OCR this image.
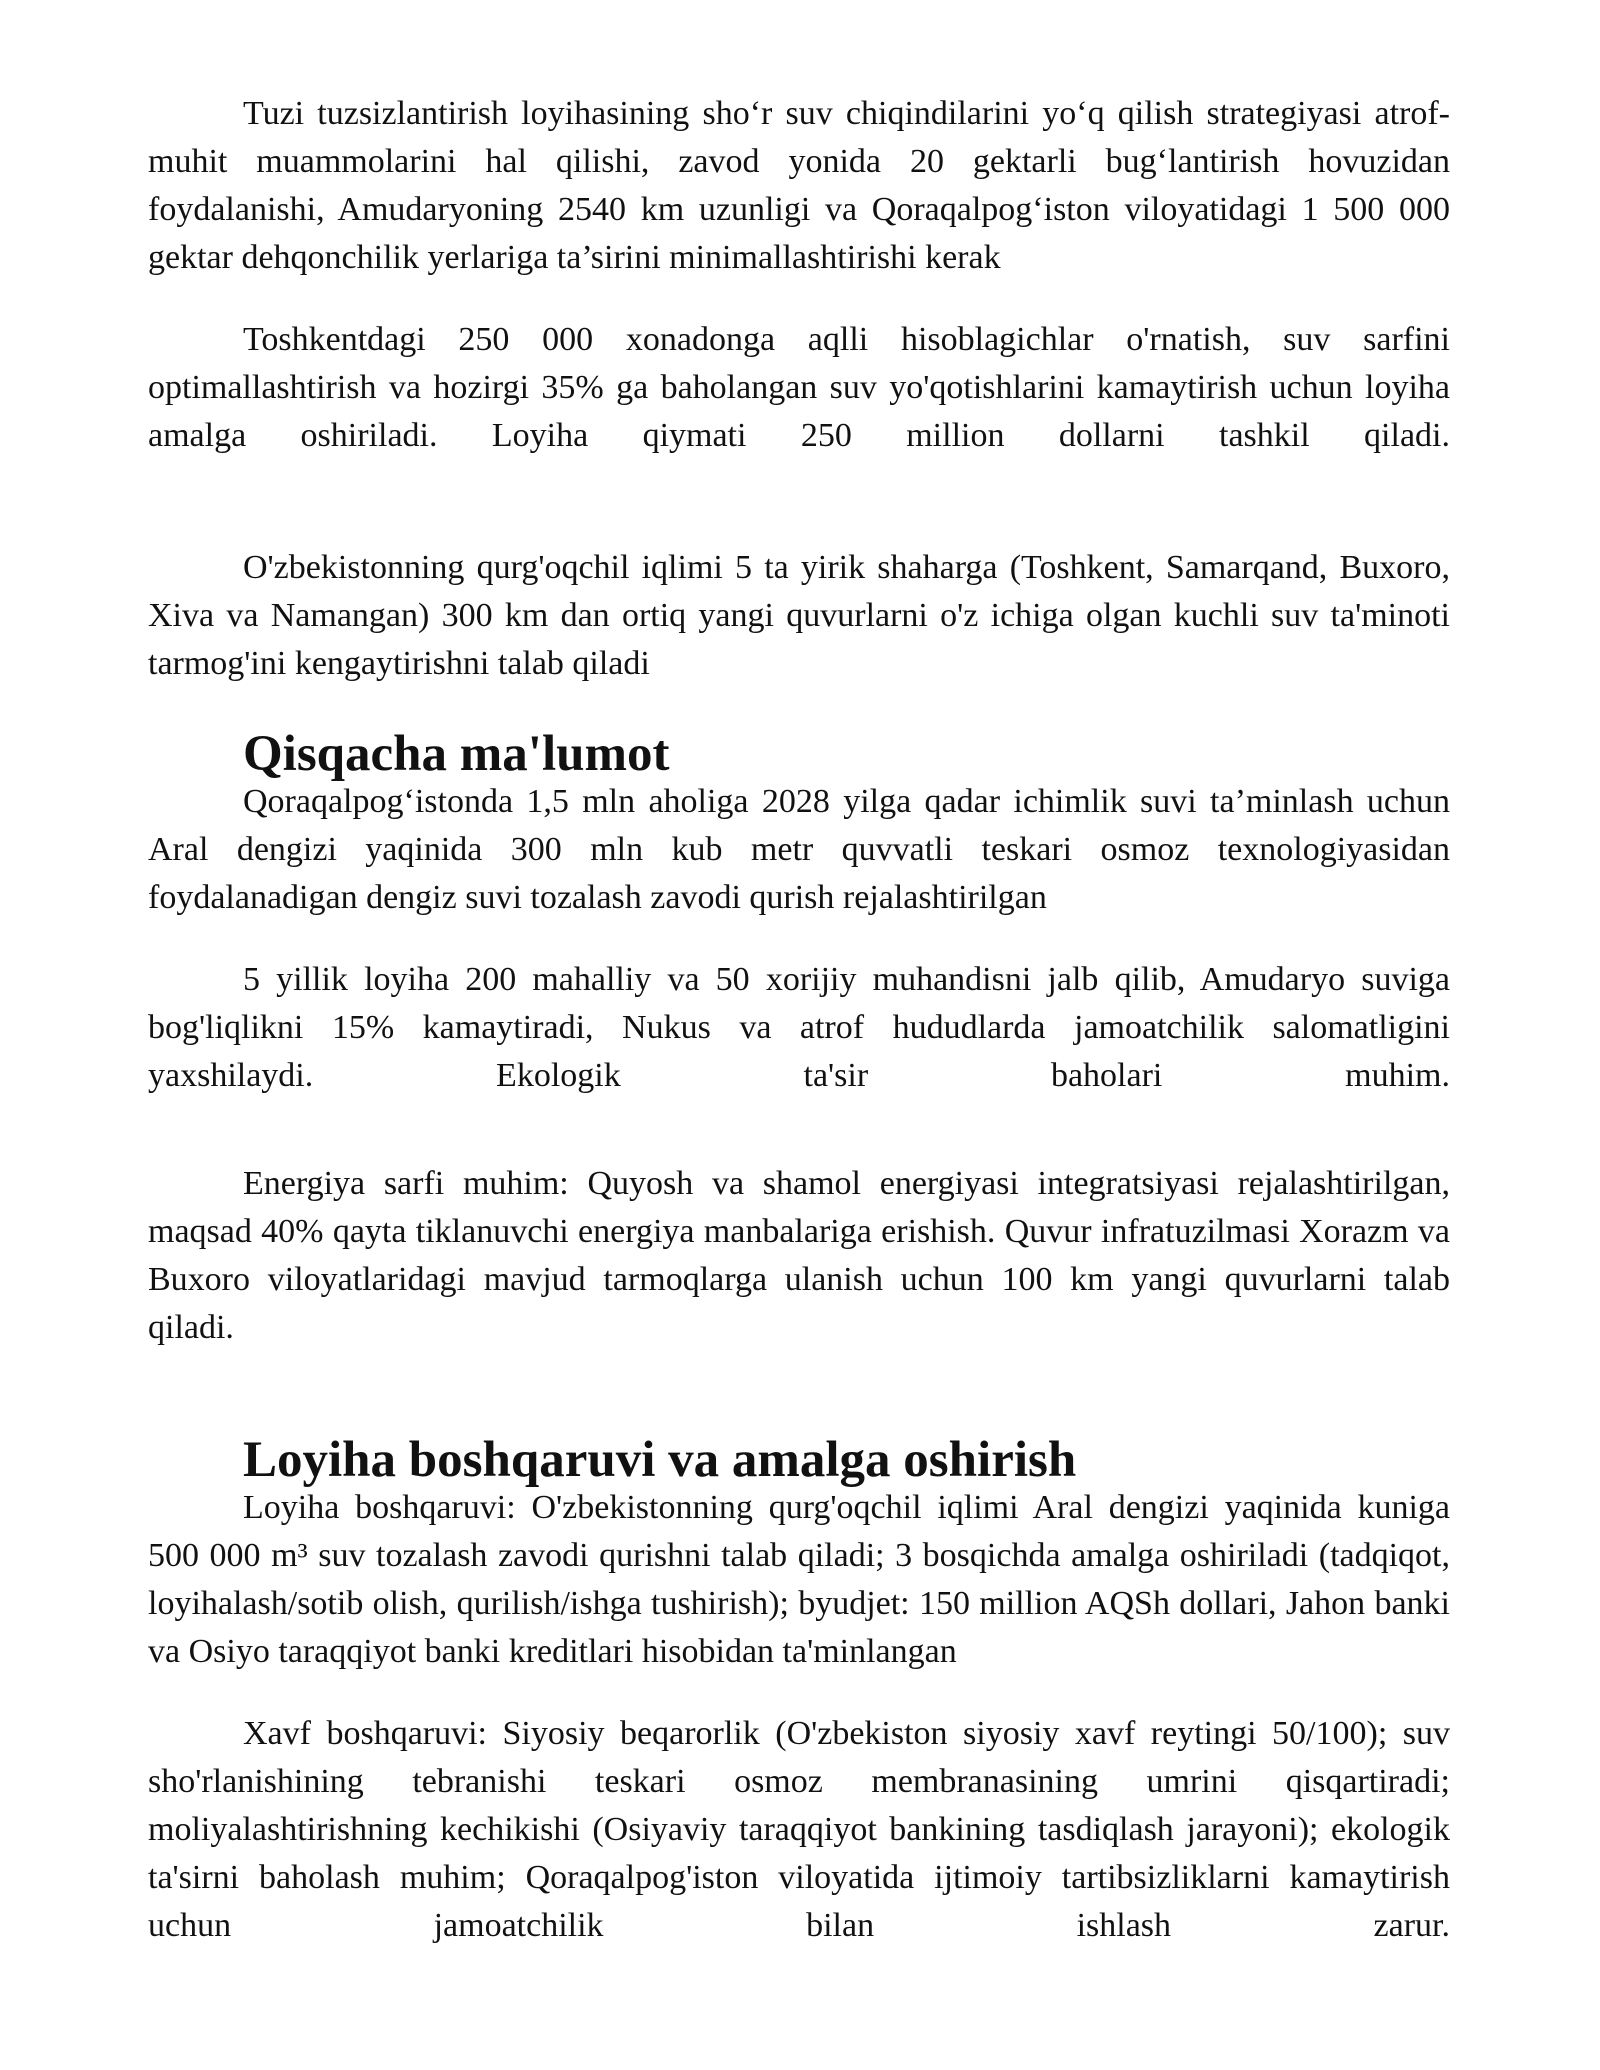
Tuzi tuzsizlantirish loyihasining sho‘r suv chiqindilarini yo‘q qilish strategiyasi atrof-muhit muammolarini hal qilishi, zavod yonida 20 gektarli bug‘lantirish hovuzidan foydalanishi, Amudaryoning 2540 km uzunligi va Qoraqalpog‘iston viloyatidagi 1 500 000 gektar dehqonchilik yerlariga ta’sirini minimallashtirishi kerak

Toshkentdagi 250 000 xonadonga aqlli hisoblagichlar o'rnatish, suv sarfini optimallashtirish va hozirgi 35% ga baholangan suv yo'qotishlarini kamaytirish uchun loyiha amalga oshiriladi. Loyiha qiymati 250 million dollarni tashkil qiladi.

O'zbekistonning qurg'oqchil iqlimi 5 ta yirik shaharga (Toshkent, Samarqand, Buxoro, Xiva va Namangan) 300 km dan ortiq yangi quvurlarni o'z ichiga olgan kuchli suv ta'minoti tarmog'ini kengaytirishni talab qiladi

Qisqacha ma'lumot

Qoraqalpog‘istonda 1,5 mln aholiga 2028 yilga qadar ichimlik suvi ta’minlash uchun Aral dengizi yaqinida 300 mln kub metr quvvatli teskari osmoz texnologiyasidan foydalanadigan dengiz suvi tozalash zavodi qurish rejalashtirilgan

5 yillik loyiha 200 mahalliy va 50 xorijiy muhandisni jalb qilib, Amudaryo suviga bog'liqlikni 15% kamaytiradi, Nukus va atrof hududlarda jamoatchilik salomatligini yaxshilaydi. Ekologik ta'sir baholari muhim.

Energiya sarfi muhim: Quyosh va shamol energiyasi integratsiyasi rejalashtirilgan, maqsad 40% qayta tiklanuvchi energiya manbalariga erishish. Quvur infratuzilmasi Xorazm va Buxoro viloyatlaridagi mavjud tarmoqlarga ulanish uchun 100 km yangi quvurlarni talab qiladi.

Loyiha boshqaruvi va amalga oshirish

Loyiha boshqaruvi: O'zbekistonning qurg'oqchil iqlimi Aral dengizi yaqinida kuniga 500 000 m³ suv tozalash zavodi qurishni talab qiladi; 3 bosqichda amalga oshiriladi (tadqiqot, loyihalash/sotib olish, qurilish/ishga tushirish); byudjet: 150 million AQSh dollari, Jahon banki va Osiyo taraqqiyot banki kreditlari hisobidan ta'minlangan

Xavf boshqaruvi: Siyosiy beqarorlik (O'zbekiston siyosiy xavf reytingi 50/100); suv sho'rlanishining tebranishi teskari osmoz membranasining umrini qisqartiradi; moliyalashtirishning kechikishi (Osiyaviy taraqqiyot bankining tasdiqlash jarayoni); ekologik ta'sirni baholash muhim; Qoraqalpog'iston viloyatida ijtimoiy tartibsizliklarni kamaytirish uchun jamoatchilik bilan ishlash zarur.
